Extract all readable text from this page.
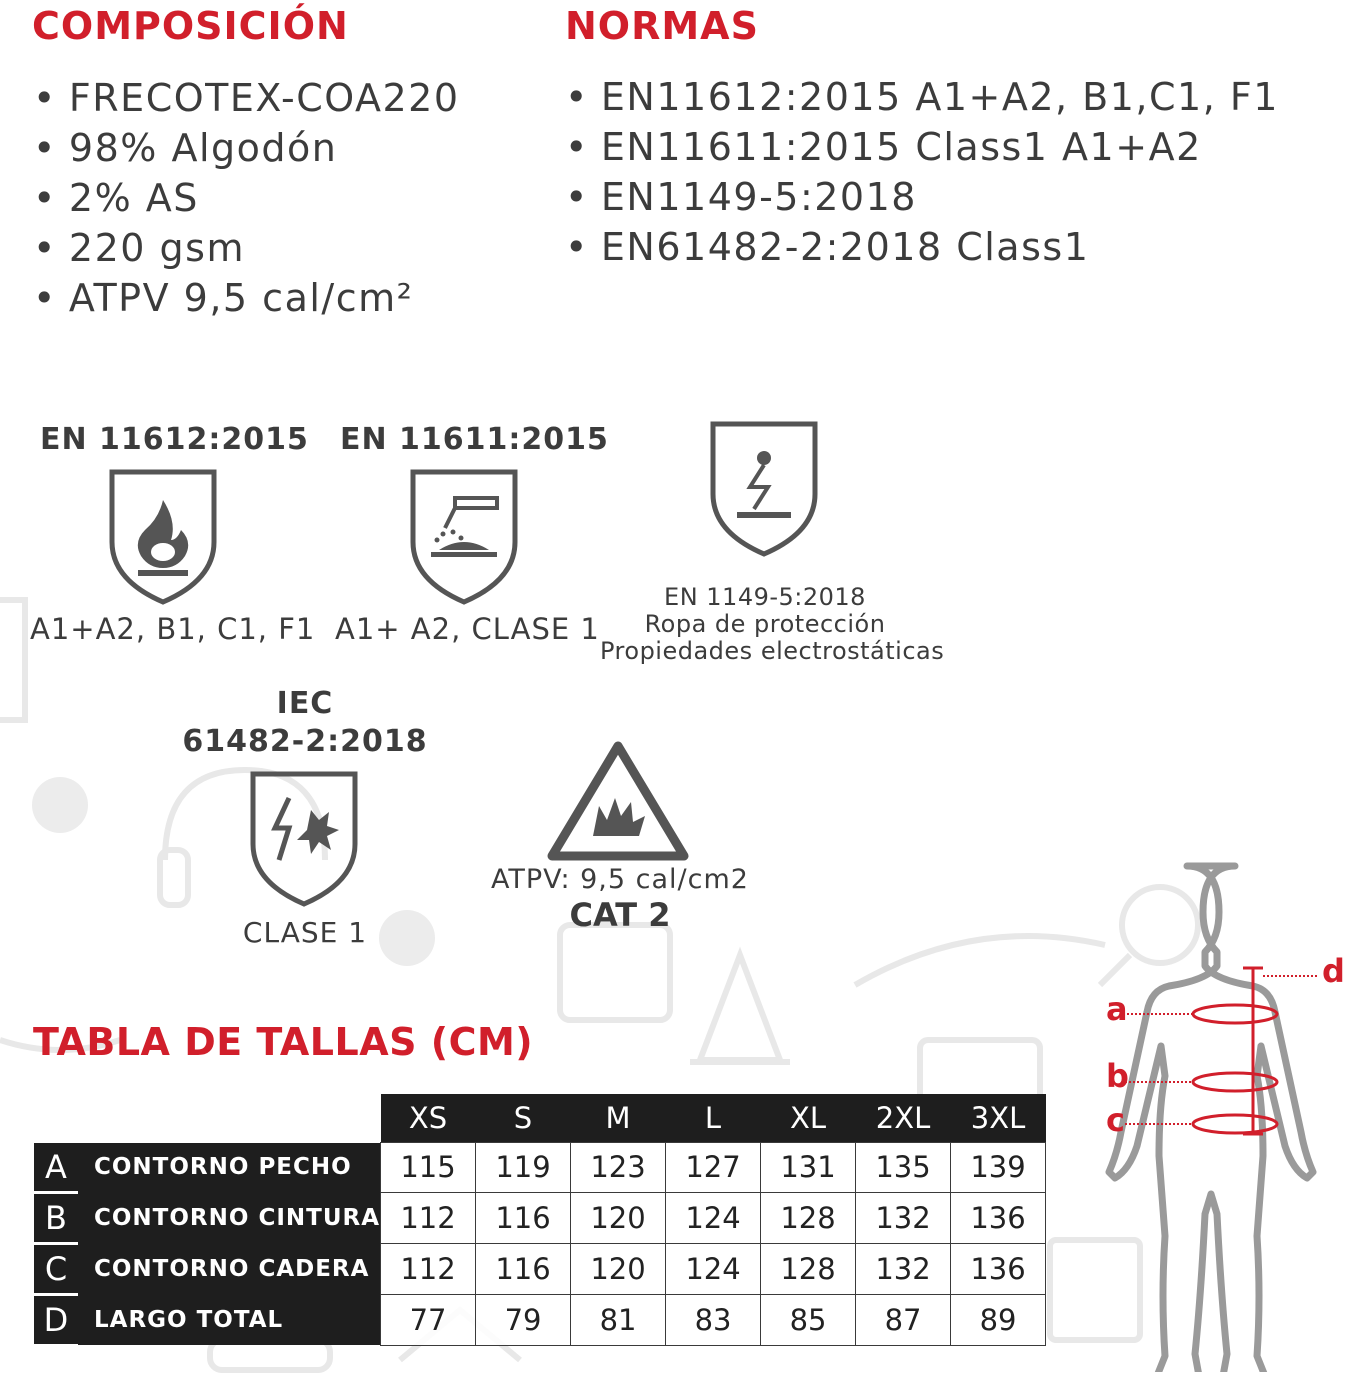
COMPOSICIÓN
• FRECOTEX-COA220
• 98% Algodón
• 2% AS
• 220 gsm
• ATPV 9,5 cal/cm²
NORMAS
• EN11612:2015 A1+A2, B1,C1, F1
• EN11611:2015 Class1 A1+A2
• EN1149-5:2018
• EN61482-2:2018 Class1
EN 11612:2015
A1+A2, B1, C1, F1
EN 11611:2015
A1+ A2, CLASE 1
EN 1149-5:2018
Ropa de protección
Propiedades electrostáticas
IEC
61482-2:2018
CLASE 1
ATPV: 9,5 cal/cm2
CAT 2
TABLA DE TALLAS (CM)
		XS	S	M	L	XL	2XL	3XL
A	CONTORNO PECHO	115	119	123	127	131	135	139
B	CONTORNO CINTURA	112	116	120	124	128	132	136
C	CONTORNO CADERA	112	116	120	124	128	132	136
D	LARGO TOTAL	77	79	81	83	85	87	89
a
b
c
d
